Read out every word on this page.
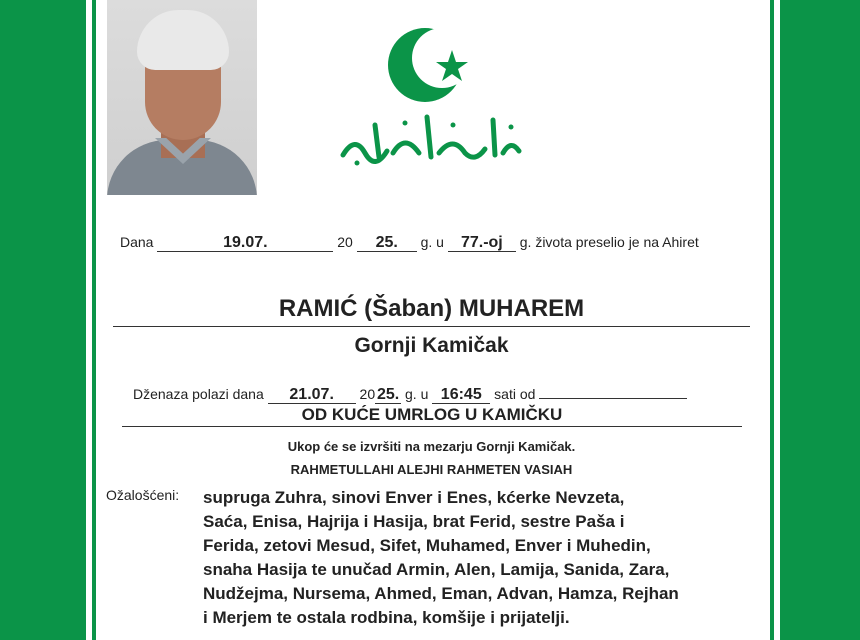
Dana	19.07.	20 25. g. u 77.-oj g. života preselio je na Ahiret
RAMIĆ (Šaban) MUHAREM
Gornji Kamičak
Dženaza polazi dana 21.07. 20 25. g. u 16:45 sati od
OD KUĆE UMRLOG U KAMIČKU
Ukop će se izvršiti na mezarju Gornji Kamičak.
RAHMETULLAHI ALEJHI RAHMETEN VASIAH
Ožalošćeni: supruga Zuhra, sinovi Enver i Enes, kćerke Nevzeta,
Saća, Enisa, Hajrija i Hasija, brat Ferid, sestre Paša i
Ferida, zetovi Mesud, Sifet, Muhamed, Enver i Muhedin,
snaha Hasija te unučad Armin, Alen, Lamija, Sanida, Zara,
Nudžejma, Nursema, Ahmed, Eman, Advan, Hamza, Rejhan
i Merjem te ostala rodbina, komšije i prijatelji.
